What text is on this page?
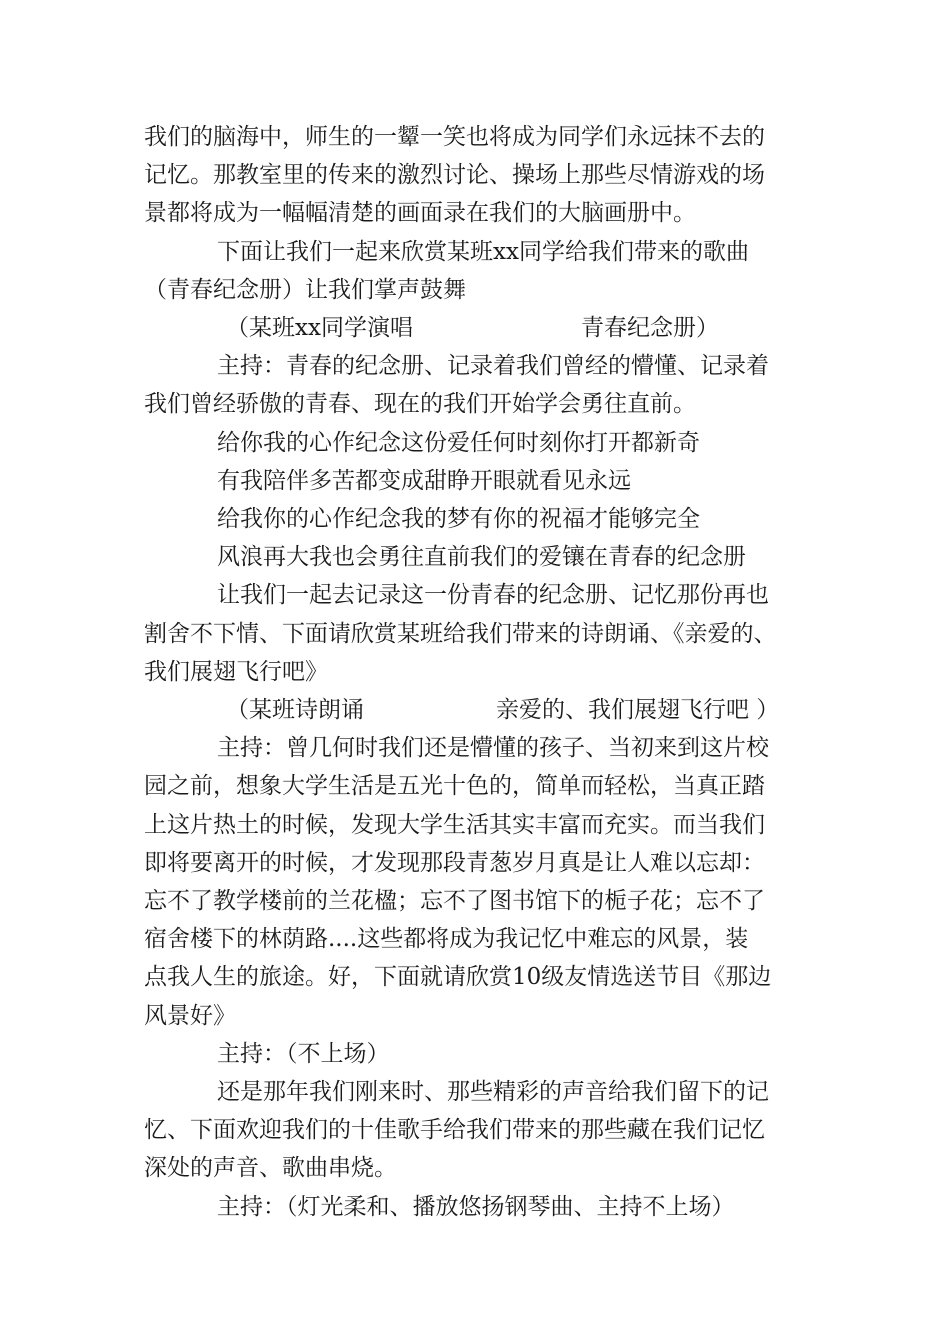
我们的脑海中，师生的一颦一笑也将成为同学们永远抹不去的
记忆。那教室里的传来的激烈讨论、操场上那些尽情游戏的场
景都将成为一幅幅清楚的画面录在我们的大脑画册中。
下面让我们一起来欣赏某班xx同学给我们带来的歌曲
（青春纪念册）让我们掌声鼓舞
（某班xx同学演唱	青春纪念册）
主持：青春的纪念册、记录着我们曾经的懵懂、记录着
我们曾经骄傲的青春、现在的我们开始学会勇往直前。
给你我的心作纪念这份爱任何时刻你打开都新奇
有我陪伴多苦都变成甜睁开眼就看见永远
给我你的心作纪念我的梦有你的祝福才能够完全
风浪再大我也会勇往直前我们的爱镶在青春的纪念册
让我们一起去记录这一份青春的纪念册、记忆那份再也
割舍不下情、下面请欣赏某班给我们带来的诗朗诵、《亲爱的、
我们展翅飞行吧》
（某班诗朗诵	亲爱的、我们展翅飞行吧 ）
主持：曾几何时我们还是懵懂的孩子、当初来到这片校
园之前，想象大学生活是五光十色的，简单而轻松，当真正踏
上这片热土的时候，发现大学生活其实丰富而充实。而当我们
即将要离开的时候，才发现那段青葱岁月真是让人难以忘却：
忘不了教学楼前的兰花楹；忘不了图书馆下的栀子花；忘不了
宿舍楼下的林荫路....这些都将成为我记忆中难忘的风景，装
点我人生的旅途。好，下面就请欣赏10级友情选送节目《那边
风景好》
主持：（不上场）
还是那年我们刚来时、那些精彩的声音给我们留下的记
忆、下面欢迎我们的十佳歌手给我们带来的那些藏在我们记忆
深处的声音、歌曲串烧。
主持：（灯光柔和、播放悠扬钢琴曲、主持不上场）
